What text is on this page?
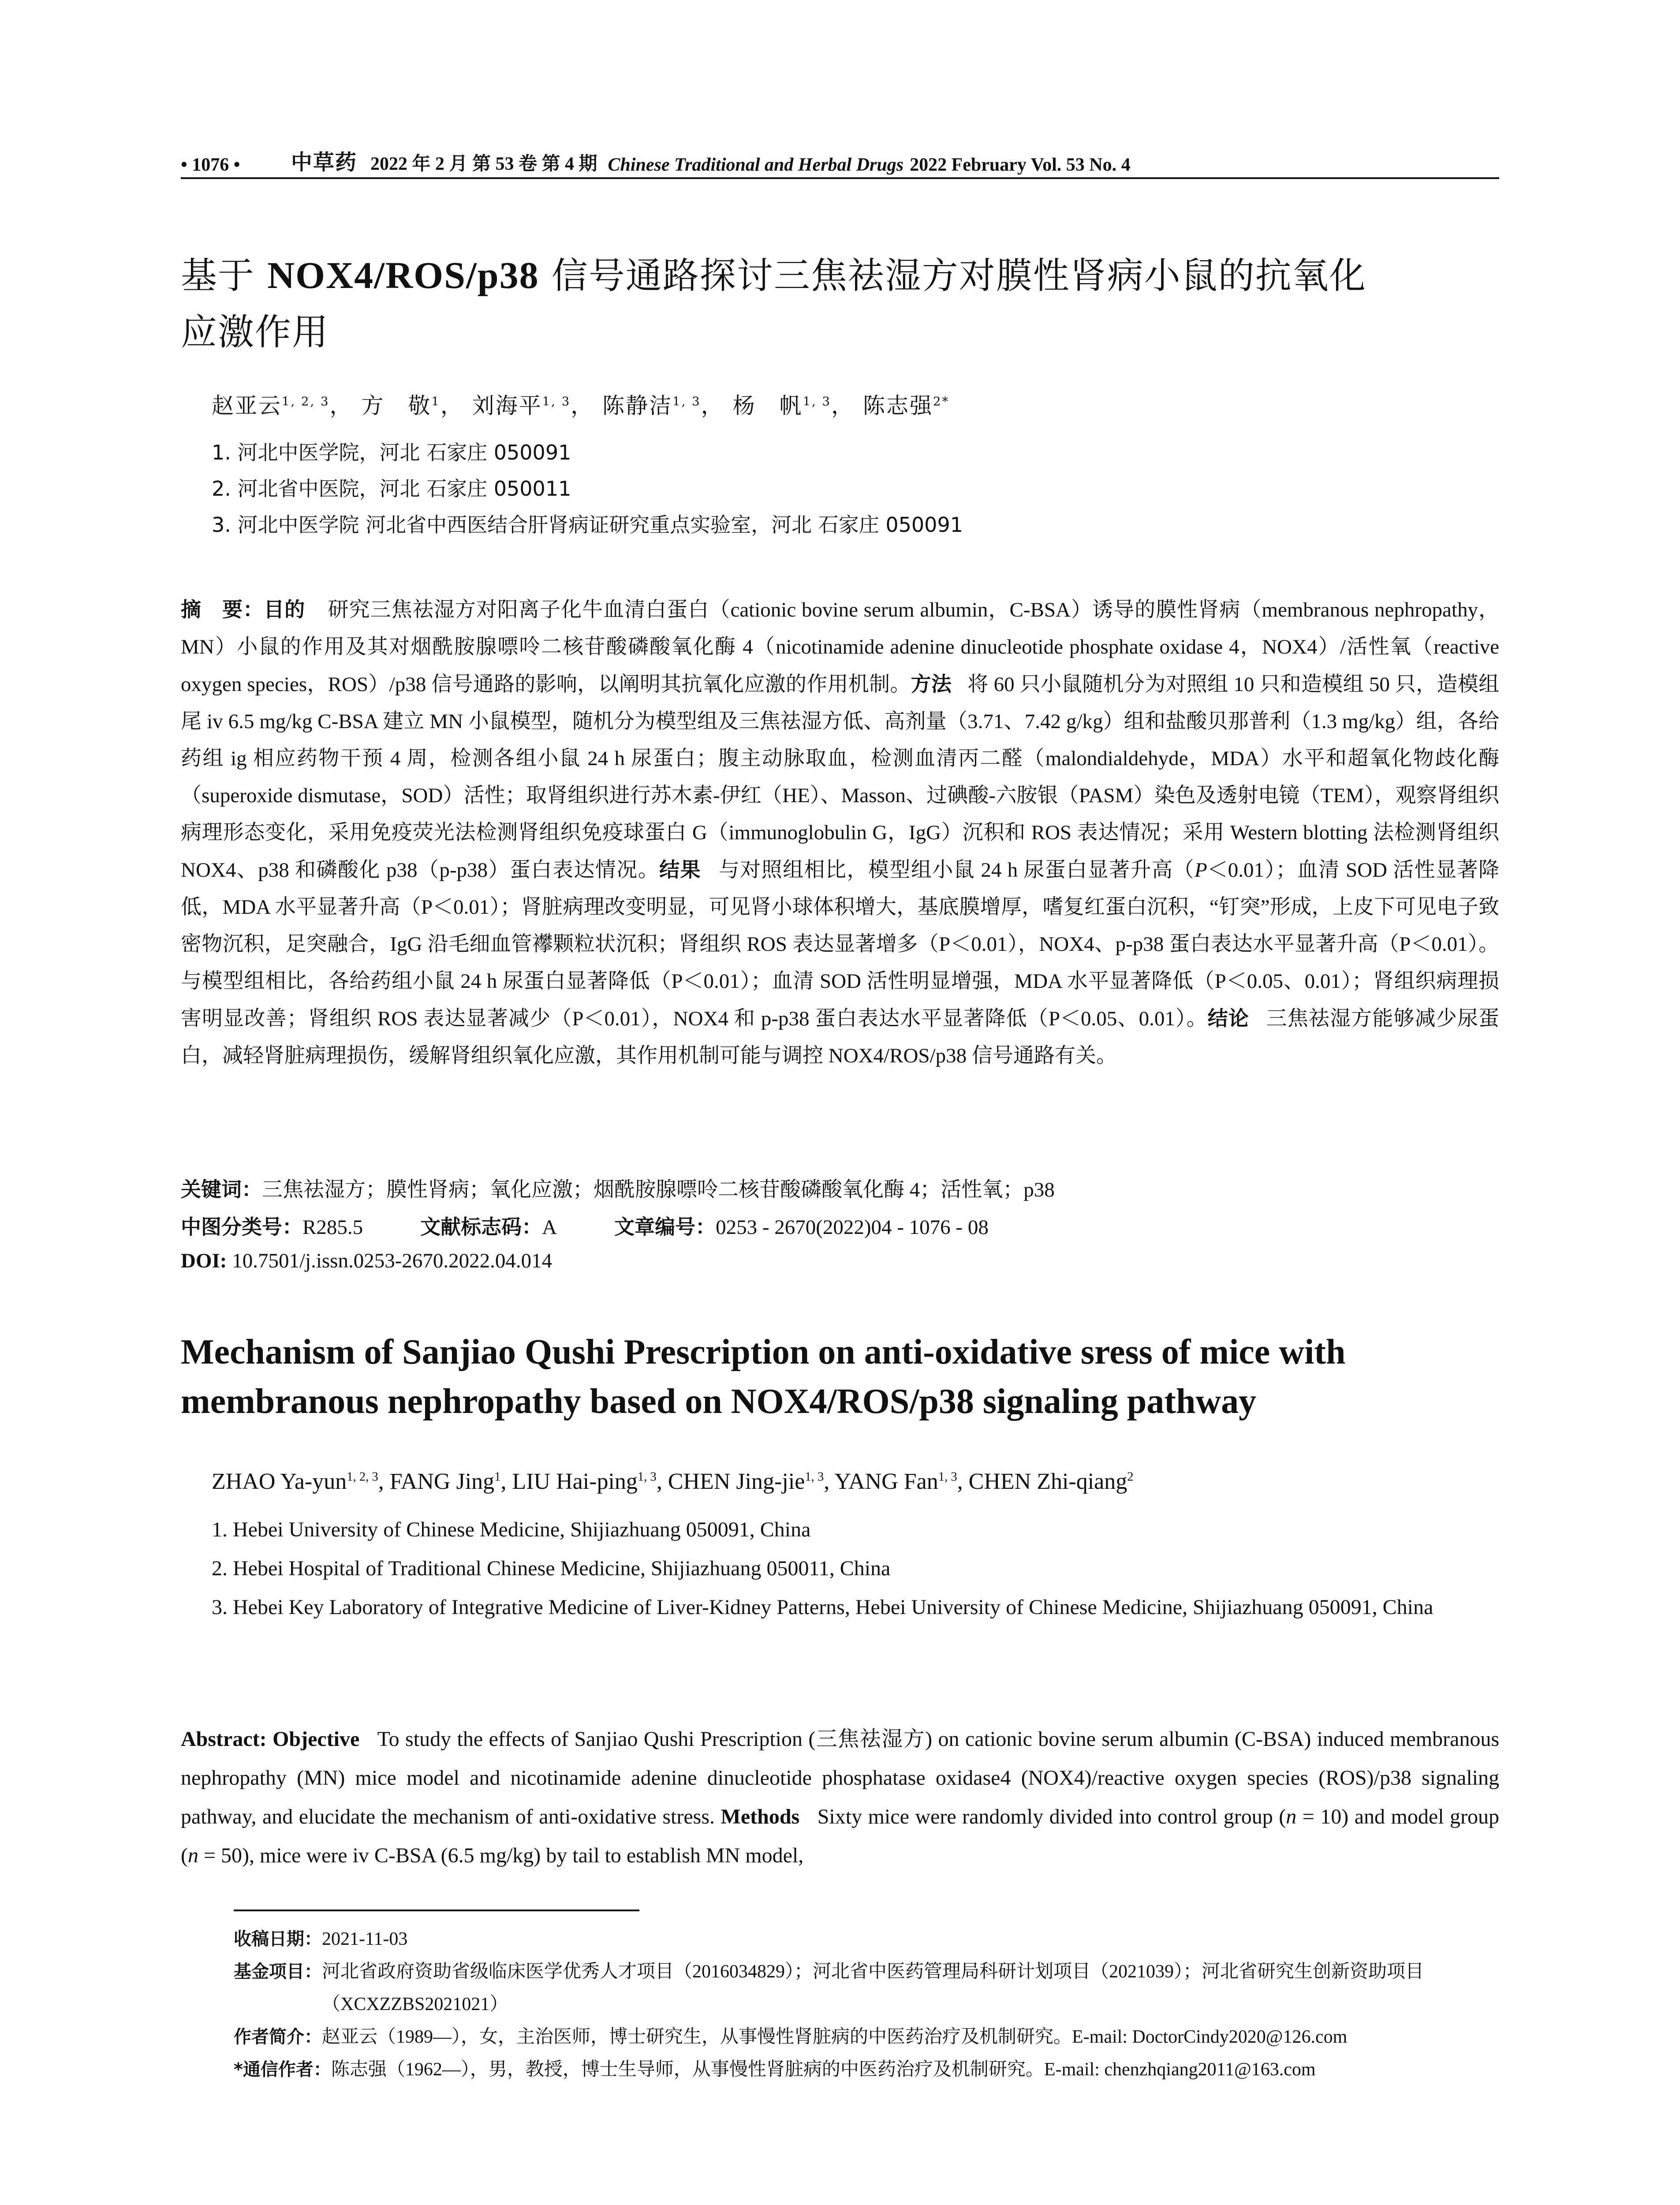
• 1076 •	中草药 2022 年 2 月 第 53 卷 第 4 期 Chinese Traditional and Herbal Drugs 2022 February Vol. 53 No. 4
基于 NOX4/ROS/p38 信号通路探讨三焦祛湿方对膜性肾病小鼠的抗氧化
应激作用
赵亚云$^{1, 2, 3}$， 方　敬$^1$， 刘海平$^{1, 3}$， 陈静洁$^{1, 3}$， 杨　帆$^{1, 3}$， 陈志强$^{2*}$
1. 河北中医学院，河北 石家庄 050091
2. 河北省中医院，河北 石家庄 050011
3. 河北中医学院 河北省中西医结合肝肾病证研究重点实验室，河北 石家庄 050091
摘　要：目的 研究三焦祛湿方对阳离子化牛血清白蛋白（cationic bovine serum albumin，C-BSA）诱导的膜性肾病（membranous nephropathy，MN）小鼠的作用及其对烟酰胺腺嘌呤二核苷酸磷酸氧化酶 4（nicotinamide adenine dinucleotide phosphate oxidase 4，NOX4）/活性氧（reactive oxygen species，ROS）/p38 信号通路的影响，以阐明其抗氧化应激的作用机制。方法 将 60 只小鼠随机分为对照组 10 只和造模组 50 只，造模组尾 iv 6.5 mg/kg C-BSA 建立 MN 小鼠模型，随机分为模型组及三焦祛湿方低、高剂量（3.71、7.42 g/kg）组和盐酸贝那普利（1.3 mg/kg）组，各给药组 ig 相应药物干预 4 周，检测各组小鼠 24 h 尿蛋白；腹主动脉取血，检测血清丙二醛（malondialdehyde，MDA）水平和超氧化物歧化酶（superoxide dismutase，SOD）活性；取肾组织进行苏木素-伊红（HE）、Masson、过碘酸-六胺银（PASM）染色及透射电镜（TEM），观察肾组织病理形态变化，采用免疫荧光法检测肾组织免疫球蛋白 G（immunoglobulin G，IgG）沉积和 ROS 表达情况；采用 Western blotting 法检测肾组织 NOX4、p38 和磷酸化 p38（p-p38）蛋白表达情况。结果 与对照组相比，模型组小鼠 24 h 尿蛋白显著升高（P＜0.01）；血清 SOD 活性显著降低，MDA 水平显著升高（P＜0.01）；肾脏病理改变明显，可见肾小球体积增大，基底膜增厚，嗜复红蛋白沉积，“钉突”形成，上皮下可见电子致密物沉积，足突融合，IgG 沿毛细血管襻颗粒状沉积；肾组织 ROS 表达显著增多（P＜0.01），NOX4、p-p38 蛋白表达水平显著升高（P＜0.01）。与模型组相比，各给药组小鼠 24 h 尿蛋白显著降低（P＜0.01）；血清 SOD 活性明显增强，MDA 水平显著降低（P＜0.05、0.01）；肾组织病理损害明显改善；肾组织 ROS 表达显著减少（P＜0.01），NOX4 和 p-p38 蛋白表达水平显著降低（P＜0.05、0.01）。结论 三焦祛湿方能够减少尿蛋白，减轻肾脏病理损伤，缓解肾组织氧化应激，其作用机制可能与调控 NOX4/ROS/p38 信号通路有关。
关键词：三焦祛湿方；膜性肾病；氧化应激；烟酰胺腺嘌呤二核苷酸磷酸氧化酶 4；活性氧；p38
中图分类号：R285.5	文献标志码：A	文章编号：0253 - 2670(2022)04 - 1076 - 08
DOI: 10.7501/j.issn.0253-2670.2022.04.014
Mechanism of Sanjiao Qushi Prescription on anti-oxidative sress of mice with
membranous nephropathy based on NOX4/ROS/p38 signaling pathway
ZHAO Ya-yun$^{1, 2, 3}$, FANG Jing$^1$, LIU Hai-ping$^{1, 3}$, CHEN Jing-jie$^{1, 3}$, YANG Fan$^{1, 3}$, CHEN Zhi-qiang$^2$
1. Hebei University of Chinese Medicine, Shijiazhuang 050091, China
2. Hebei Hospital of Traditional Chinese Medicine, Shijiazhuang 050011, China
3. Hebei Key Laboratory of Integrative Medicine of Liver-Kidney Patterns, Hebei University of Chinese Medicine, Shijiazhuang 050091, China
Abstract: Objective To study the effects of Sanjiao Qushi Prescription (三焦祛湿方) on cationic bovine serum albumin (C-BSA) induced membranous nephropathy (MN) mice model and nicotinamide adenine dinucleotide phosphatase oxidase4 (NOX4)/reactive oxygen species (ROS)/p38 signaling pathway, and elucidate the mechanism of anti-oxidative stress. Methods Sixty mice were randomly divided into control group (n = 10) and model group (n = 50), mice were iv C-BSA (6.5 mg/kg) by tail to establish MN model,
收稿日期： 2021-11-03
基金项目： 河北省政府资助省级临床医学优秀人才项目（2016034829）；河北省中医药管理局科研计划项目（2021039）；河北省研究生创新资助项目（XCXZZBS2021021）
作者简介： 赵亚云（1989—），女，主治医师，博士研究生，从事慢性肾脏病的中医药治疗及机制研究。E-mail: DoctorCindy2020@126.com
*通信作者： 陈志强（1962—），男，教授，博士生导师，从事慢性肾脏病的中医药治疗及机制研究。E-mail: chenzhqiang2011@163.com
